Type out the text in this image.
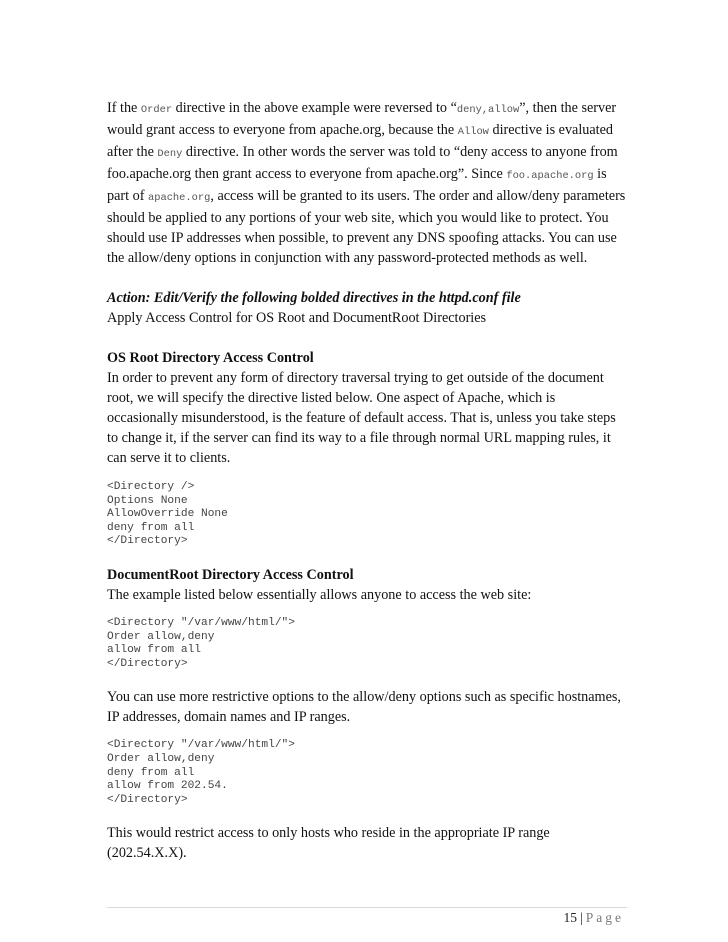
If the Order directive in the above example were reversed to “deny,allow”, then the server would grant access to everyone from apache.org, because the Allow directive is evaluated after the Deny directive. In other words the server was told to “deny access to anyone from foo.apache.org then grant access to everyone from apache.org”. Since foo.apache.org is part of apache.org, access will be granted to its users. The order and allow/deny parameters should be applied to any portions of your web site, which you would like to protect. You should use IP addresses when possible, to prevent any DNS spoofing attacks. You can use the allow/deny options in conjunction with any password-protected methods as well.

Action: Edit/Verify the following bolded directives in the httpd.conf file

Apply Access Control for OS Root and DocumentRoot Directories

OS Root Directory Access Control

In order to prevent any form of directory traversal trying to get outside of the document root, we will specify the directive listed below. One aspect of Apache, which is occasionally misunderstood, is the feature of default access. That is, unless you take steps to change it, if the server can find its way to a file through normal URL mapping rules, it can serve it to clients.

<Directory />
Options None
AllowOverride None
deny from all
</Directory>

DocumentRoot Directory Access Control

The example listed below essentially allows anyone to access the web site:

<Directory "/var/www/html/">
Order allow,deny
allow from all
</Directory>

You can use more restrictive options to the allow/deny options such as specific hostnames, IP addresses, domain names and IP ranges.

<Directory "/var/www/html/">
Order allow,deny
deny from all
allow from 202.54.
</Directory>

This would restrict access to only hosts who reside in the appropriate IP range (202.54.X.X).

15 | Page
